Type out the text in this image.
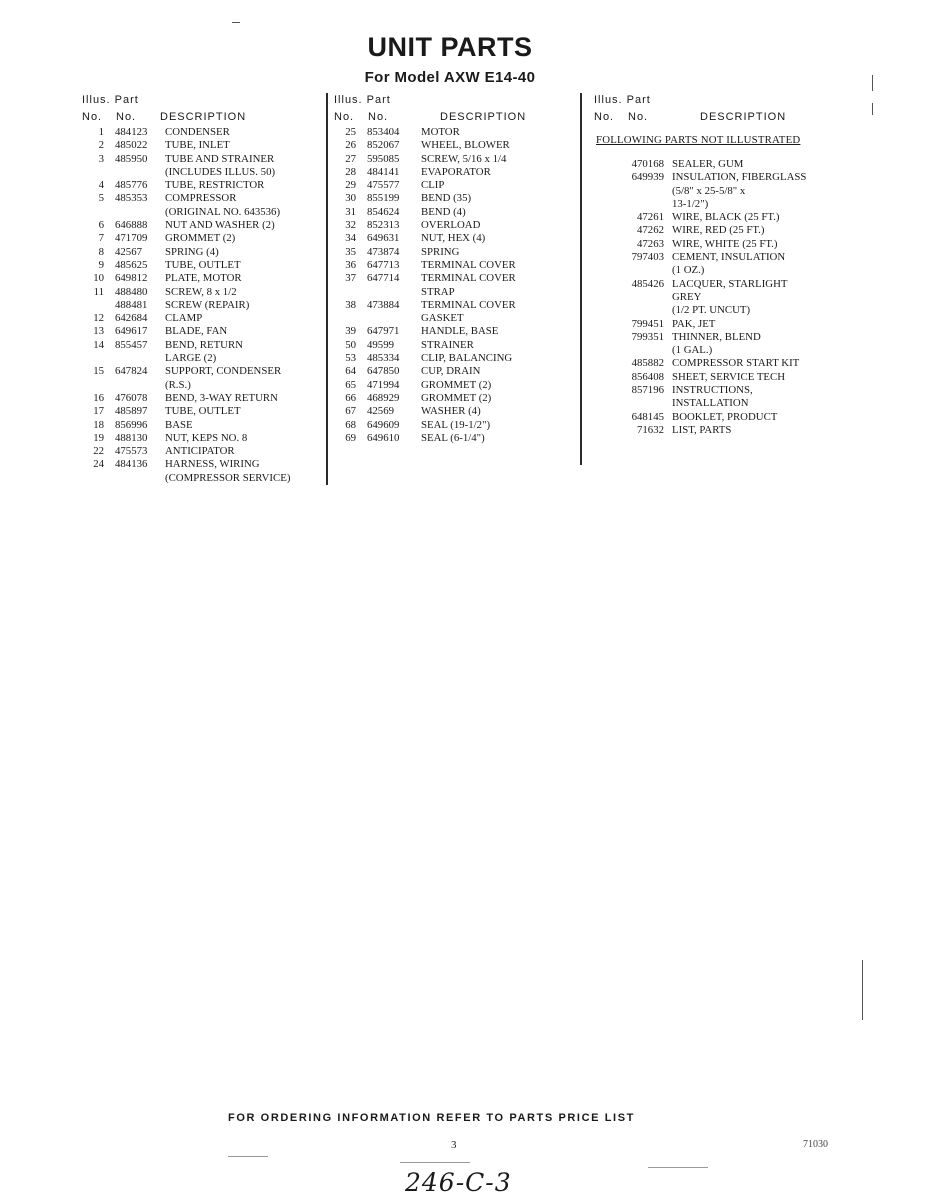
UNIT PARTS
For Model AXW E14-40
Illus. Part
No. No. DESCRIPTION
1 484123 CONDENSER
2 485022 TUBE, INLET
3 485950 TUBE AND STRAINER
(INCLUDES ILLUS. 50)
4 485776 TUBE, RESTRICTOR
5 485353 COMPRESSOR
(ORIGINAL NO. 643536)
6 646888 NUT AND WASHER (2)
7 471709 GROMMET (2)
8 42567 SPRING (4)
9 485625 TUBE, OUTLET
10 649812 PLATE, MOTOR
11 488480 SCREW, 8 x 1/2
488481 SCREW (REPAIR)
12 642684 CLAMP
13 649617 BLADE, FAN
14 855457 BEND, RETURN
LARGE (2)
15 647824 SUPPORT, CONDENSER
(R.S.)
16 476078 BEND, 3-WAY RETURN
17 485897 TUBE, OUTLET
18 856996 BASE
19 488130 NUT, KEPS NO. 8
22 475573 ANTICIPATOR
24 484136 HARNESS, WIRING
(COMPRESSOR SERVICE)
Illus. Part
No. No.	DESCRIPTION
25 853404 MOTOR
26 852067 WHEEL, BLOWER
27 595085 SCREW, 5/16 x 1/4
28 484141 EVAPORATOR
29 475577 CLIP
30 855199 BEND (35)
31 854624 BEND (4)
32 852313 OVERLOAD
34 649631 NUT, HEX (4)
35 473874 SPRING
36 647713 TERMINAL COVER
37 647714 TERMINAL COVER
STRAP
38 473884 TERMINAL COVER
GASKET
39 647971 HANDLE, BASE
50 49599	STRAINER
53 485334 CLIP, BALANCING
64 647850 CUP, DRAIN
65 471994 GROMMET (2)
66 468929 GROMMET (2)
67 42569	WASHER (4)
68 649609 SEAL (19-1/2")
69 649610 SEAL (6-1/4")
Illus. Part
No. No.	DESCRIPTION
FOLLOWING PARTS NOT ILLUSTRATED
470168 SEALER, GUM
649939 INSULATION, FIBERGLASS
(5/8" x 25-5/8" x
13-1/2")
47261 WIRE, BLACK (25 FT.)
47262 WIRE, RED (25 FT.)
47263 WIRE, WHITE (25 FT.)
797403 CEMENT, INSULATION
(1 OZ.)
485426 LACQUER, STARLIGHT
GREY
(1/2 PT. UNCUT)
799451 PAK, JET
799351 THINNER, BLEND
(1 GAL.)
485882 COMPRESSOR START KIT
856408 SHEET, SERVICE TECH
857196 INSTRUCTIONS,
INSTALLATION
648145 BOOKLET, PRODUCT
71632 LIST, PARTS
FOR ORDERING INFORMATION REFER TO PARTS PRICE LIST
3	71030
246-C-3
